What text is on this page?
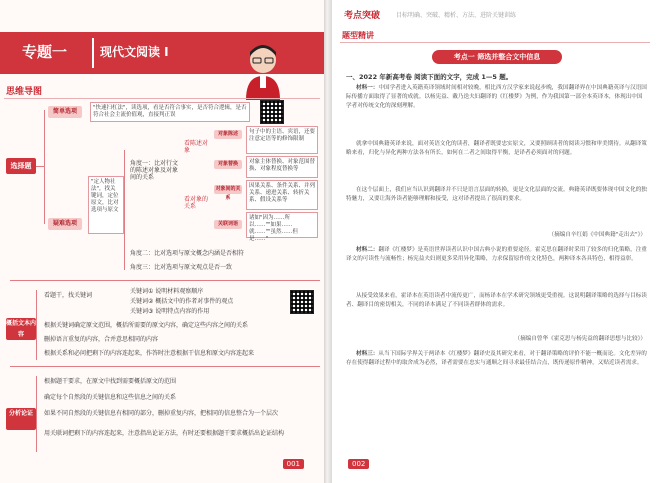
专题一	现代文阅读 Ⅰ
思维导图
选择题
简单选项	"快速扫杠法"，读选项，看是否符合事实，是否符合逻辑，是否符合社会主流价值观，直接判正误
疑难选项
"定人物社法"，找关键词，定位原文，比对选项与原文
角度一：比对行文的陈述对象及对象间的关系
看陈述对象
看对象的关系
对象陈述
对象替换
对象间的关系
关联词语
句子中的主语、宾语，还要注意定语等的修饰限制
对象主体替换、对象范围替换、对象程度替换等
因果关系、条件关系、并列关系、递进关系、转折关系、假设关系等
诸如"因为……所以……""如果……就……""虽然……但是……"
角度二：比对选项与原文概念内涵是否相符
角度三：比对选项与原文观点是否一致
概括文本内容
看题干，找关键词
关键词① 说明材料观察顺序
关键词② 概括文中的作者对事件的观点
关键词③ 说明特点内容的作用
根据关键词确定原文范围，概括所需要的原文内容，确定这些内容之间的关系
删掉语言重复的内容，合并意思相同的内容
根据关系和必问把剩下的内容连起来，作答时注意根据干信息和原文内容连起来
分析论证
根据题干要求，在原文中找到需要概括原文的范围
确定每个自然段的关键信息和这些信息之间的关系
如果不同自然段的关键信息有相同的部分，删掉重复内容，把相同的信息整合为一个层次
用关联词把剩下的内容连起来，注意指出论证方法，有时还要根据题干要求概括出论证结构
001
考点突破	目标明确、突破、精析、方法、进阶关键训练
题型精讲
考点一 筛选并整合文中信息
一、2022 年新高考卷 阅读下面的文字，完成 1—5 题。
材料一：中国学者进入英籍英译领域时间相对较晚，相比西方汉学家来说起步晚，我国翻译界在中国典籍英译与汉语国际传播方面取得了显著的成就。以杨宪益、戴乃迭夫妇翻译的《红楼梦》为例，作为我国第一部全本英译本，体现出中国学者对传统文化的深刻理解。
就拿中国典籍英译来说，面对英语文化的读者，翻译者既要忠实原文，又要照顾读者的阅读习惯和审美期待。从翻译策略来看，归化与异化两种方法各有所长，如何在二者之间取得平衡，是译者必须面对的问题。
在这个层面上，我们应当认识到翻译并不只是语言层面的转换，更是文化层面的交流。典籍英译既要体现中国文化的独特魅力，又要让海外读者能够理解和接受，这对译者提出了很高的要求。
（摘编自辛红娟《中国典籍"走出去"》）
材料二：翻译《红楼梦》是英语世界读者认识中国古典小说的重要途径。霍克思在翻译时采用了较多的归化策略，注重译文的可读性与流畅性；杨宪益夫妇则更多采用异化策略，力求保留原作的文化特色，两种译本各具特色，相得益彰。
从接受效果来看，霍译本在英语读者中流传更广，而杨译本在学术研究领域更受重视。这说明翻译策略的选择与目标读者、翻译目的密切相关，不同的译本满足了不同读者群体的需求。
（摘编自曾华《霍克思与杨宪益的翻译思想与比较》）
材料三：从当下国际学界关于两译本《红楼梦》翻译史及其研究来看，对于翻译策略的评价不能一概而论。文化差异的存在使得翻译过程中的取舍成为必然，译者需要在忠实与通顺之间寻求最佳结合点，既传递原作精神，又贴近读者需求。
002
